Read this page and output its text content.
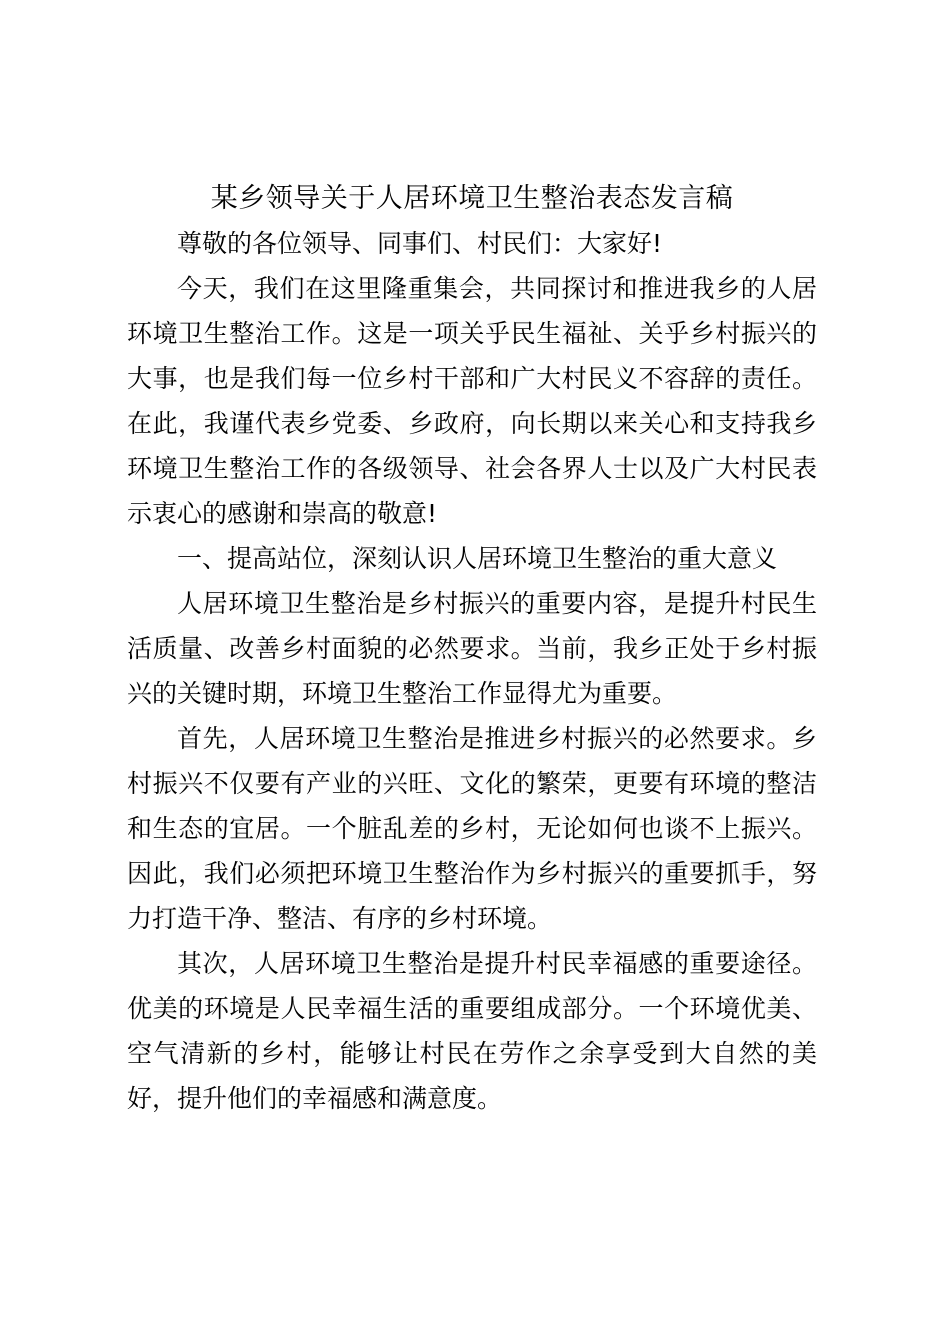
某乡领导关于人居环境卫生整治表态发言稿

尊敬的各位领导、同事们、村民们：大家好!

今天，我们在这里隆重集会，共同探讨和推进我乡的人居环境卫生整治工作。这是一项关乎民生福祉、关乎乡村振兴的大事，也是我们每一位乡村干部和广大村民义不容辞的责任。在此，我谨代表乡党委、乡政府，向长期以来关心和支持我乡环境卫生整治工作的各级领导、社会各界人士以及广大村民表示衷心的感谢和崇高的敬意!

一、提高站位，深刻认识人居环境卫生整治的重大意义

人居环境卫生整治是乡村振兴的重要内容，是提升村民生活质量、改善乡村面貌的必然要求。当前，我乡正处于乡村振兴的关键时期，环境卫生整治工作显得尤为重要。

首先，人居环境卫生整治是推进乡村振兴的必然要求。乡村振兴不仅要有产业的兴旺、文化的繁荣，更要有环境的整洁和生态的宜居。一个脏乱差的乡村，无论如何也谈不上振兴。因此，我们必须把环境卫生整治作为乡村振兴的重要抓手，努力打造干净、整洁、有序的乡村环境。

其次，人居环境卫生整治是提升村民幸福感的重要途径。优美的环境是人民幸福生活的重要组成部分。一个环境优美、空气清新的乡村，能够让村民在劳作之余享受到大自然的美好，提升他们的幸福感和满意度。
